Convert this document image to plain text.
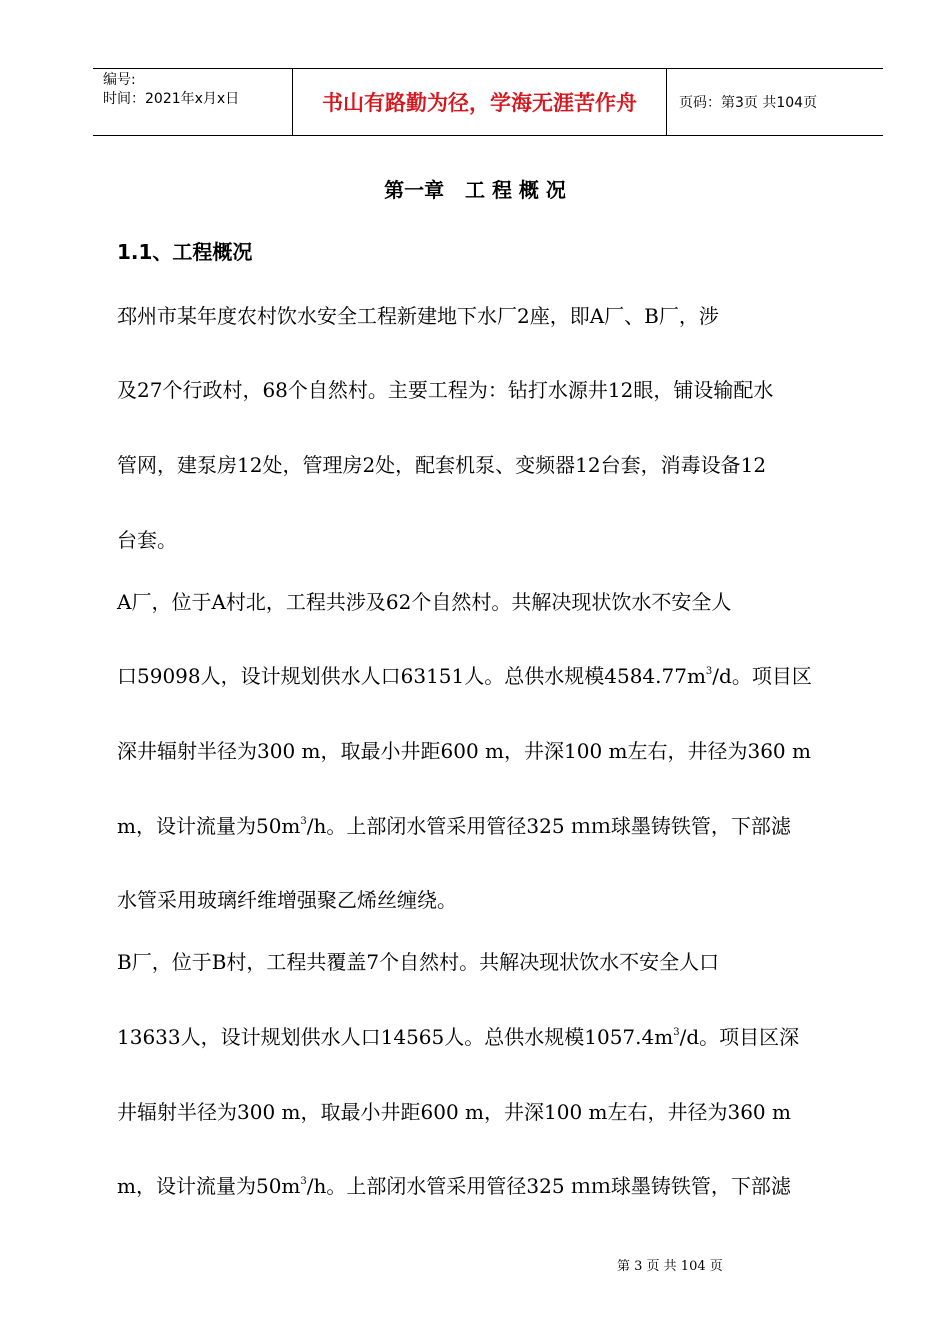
编号:
时间：2021年x月x日	书山有路勤为径，学海无涯苦作舟	页码：第3页 共104页
第一章   工 程 概 况
1.1、工程概况
邳州市某年度农村饮水安全工程新建地下水厂2座，即A厂、B厂，涉
及27个行政村，68个自然村。主要工程为：钻打水源井12眼，铺设输配水
管网，建泵房12处，管理房2处，配套机泵、变频器12台套，消毒设备12
台套。
A厂，位于A村北，工程共涉及62个自然村。共解决现状饮水不安全人
口59098人，设计规划供水人口63151人。总供水规模$4584.77m^3/d$。项目区
深井辐射半径为300 m，取最小井距600 m，井深100 m左右，井径为360 m
m，设计流量为$50m^3/h$。上部闭水管采用管径325 ｍｍ球墨铸铁管，下部滤
水管采用玻璃纤维增强聚乙烯丝缠绕。
B厂，位于B村，工程共覆盖7个自然村。共解决现状饮水不安全人口
13633人，设计规划供水人口14565人。总供水规模$1057.4m^3/d$。项目区深
井辐射半径为300 m，取最小井距600 m，井深100 m左右，井径为360 m
m，设计流量为$50m^3/h$。上部闭水管采用管径325 ｍｍ球墨铸铁管，下部滤
第 3 页 共 104 页
